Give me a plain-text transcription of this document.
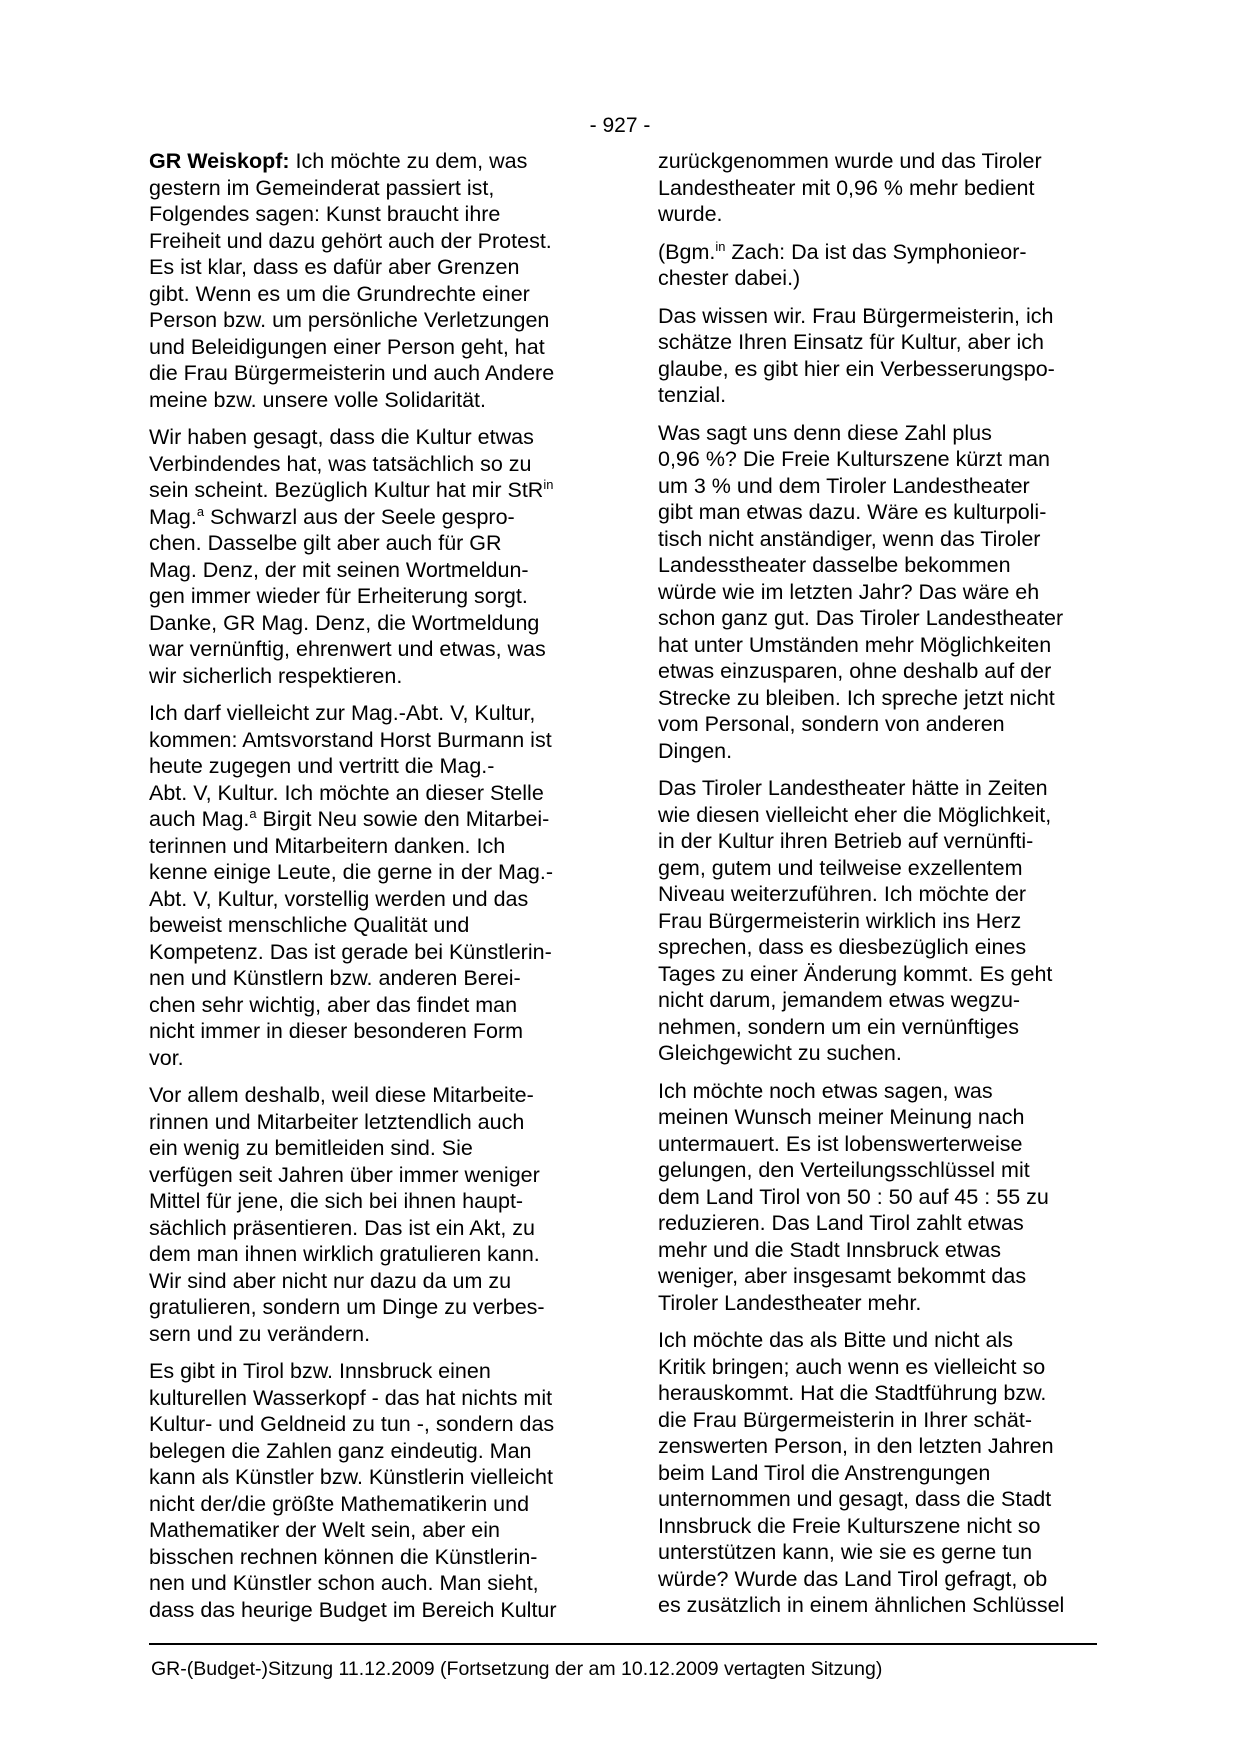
- 927 -

GR Weiskopf: Ich möchte zu dem, was
gestern im Gemeinderat passiert ist,
Folgendes sagen: Kunst braucht ihre
Freiheit und dazu gehört auch der Protest.
Es ist klar, dass es dafür aber Grenzen
gibt. Wenn es um die Grundrechte einer
Person bzw. um persönliche Verletzungen
und Beleidigungen einer Person geht, hat
die Frau Bürgermeisterin und auch Andere
meine bzw. unsere volle Solidarität.

Wir haben gesagt, dass die Kultur etwas
Verbindendes hat, was tatsächlich so zu
sein scheint. Bezüglich Kultur hat mir StR$^{in}$
Mag.$^a$ Schwarzl aus der Seele gespro-
chen. Dasselbe gilt aber auch für GR
Mag. Denz, der mit seinen Wortmeldun-
gen immer wieder für Erheiterung sorgt.
Danke, GR Mag. Denz, die Wortmeldung
war vernünftig, ehrenwert und etwas, was
wir sicherlich respektieren.

Ich darf vielleicht zur Mag.-Abt. V, Kultur,
kommen: Amtsvorstand Horst Burmann ist
heute zugegen und vertritt die Mag.-
Abt. V, Kultur. Ich möchte an dieser Stelle
auch Mag.$^a$ Birgit Neu sowie den Mitarbei-
terinnen und Mitarbeitern danken. Ich
kenne einige Leute, die gerne in der Mag.-
Abt. V, Kultur, vorstellig werden und das
beweist menschliche Qualität und
Kompetenz. Das ist gerade bei Künstlerin-
nen und Künstlern bzw. anderen Berei-
chen sehr wichtig, aber das findet man
nicht immer in dieser besonderen Form
vor.

Vor allem deshalb, weil diese Mitarbeite-
rinnen und Mitarbeiter letztendlich auch
ein wenig zu bemitleiden sind. Sie
verfügen seit Jahren über immer weniger
Mittel für jene, die sich bei ihnen haupt-
sächlich präsentieren. Das ist ein Akt, zu
dem man ihnen wirklich gratulieren kann.
Wir sind aber nicht nur dazu da um zu
gratulieren, sondern um Dinge zu verbes-
sern und zu verändern.

Es gibt in Tirol bzw. Innsbruck einen
kulturellen Wasserkopf - das hat nichts mit
Kultur- und Geldneid zu tun -, sondern das
belegen die Zahlen ganz eindeutig. Man
kann als Künstler bzw. Künstlerin vielleicht
nicht der/die größte Mathematikerin und
Mathematiker der Welt sein, aber ein
bisschen rechnen können die Künstlerin-
nen und Künstler schon auch. Man sieht,
dass das heurige Budget im Bereich Kultur

zurückgenommen wurde und das Tiroler
Landestheater mit 0,96 % mehr bedient
wurde.

(Bgm.$^{in}$ Zach: Da ist das Symphonieor-
chester dabei.)

Das wissen wir. Frau Bürgermeisterin, ich
schätze Ihren Einsatz für Kultur, aber ich
glaube, es gibt hier ein Verbesserungspo-
tenzial.

Was sagt uns denn diese Zahl plus
0,96 %? Die Freie Kulturszene kürzt man
um 3 % und dem Tiroler Landestheater
gibt man etwas dazu. Wäre es kulturpoli-
tisch nicht anständiger, wenn das Tiroler
Landesstheater dasselbe bekommen
würde wie im letzten Jahr? Das wäre eh
schon ganz gut. Das Tiroler Landestheater
hat unter Umständen mehr Möglichkeiten
etwas einzusparen, ohne deshalb auf der
Strecke zu bleiben. Ich spreche jetzt nicht
vom Personal, sondern von anderen
Dingen.

Das Tiroler Landestheater hätte in Zeiten
wie diesen vielleicht eher die Möglichkeit,
in der Kultur ihren Betrieb auf vernünfti-
gem, gutem und teilweise exzellentem
Niveau weiterzuführen. Ich möchte der
Frau Bürgermeisterin wirklich ins Herz
sprechen, dass es diesbezüglich eines
Tages zu einer Änderung kommt. Es geht
nicht darum, jemandem etwas wegzu-
nehmen, sondern um ein vernünftiges
Gleichgewicht zu suchen.

Ich möchte noch etwas sagen, was
meinen Wunsch meiner Meinung nach
untermauert. Es ist lobenswerterweise
gelungen, den Verteilungsschlüssel mit
dem Land Tirol von 50 : 50 auf 45 : 55 zu
reduzieren. Das Land Tirol zahlt etwas
mehr und die Stadt Innsbruck etwas
weniger, aber insgesamt bekommt das
Tiroler Landestheater mehr.

Ich möchte das als Bitte und nicht als
Kritik bringen; auch wenn es vielleicht so
herauskommt. Hat die Stadtführung bzw.
die Frau Bürgermeisterin in Ihrer schät-
zenswerten Person, in den letzten Jahren
beim Land Tirol die Anstrengungen
unternommen und gesagt, dass die Stadt
Innsbruck die Freie Kulturszene nicht so
unterstützen kann, wie sie es gerne tun
würde? Wurde das Land Tirol gefragt, ob
es zusätzlich in einem ähnlichen Schlüssel

GR-(Budget-)Sitzung 11.12.2009 (Fortsetzung der am 10.12.2009 vertagten Sitzung)
